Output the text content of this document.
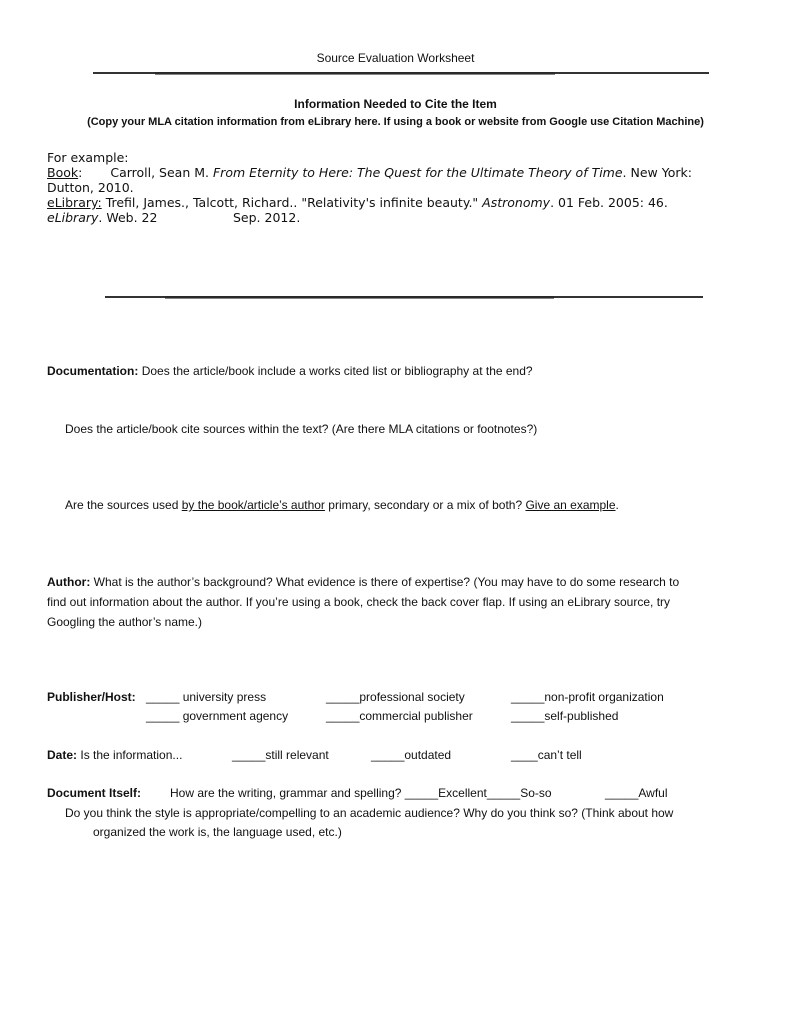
Source Evaluation Worksheet
Information Needed to Cite the Item
(Copy your MLA citation information from eLibrary here. If using a book or website from Google use Citation Machine)
For example:
Book: Carroll, Sean M. From Eternity to Here: The Quest for the Ultimate Theory of Time. New York:
Dutton, 2010.
eLibrary: Trefil, James., Talcott, Richard.. "Relativity's infinite beauty." Astronomy. 01 Feb. 2005: 46.
eLibrary. Web. 22	Sep. 2012.
Documentation: Does the article/book include a works cited list or bibliography at the end?
Does the article/book cite sources within the text? (Are there MLA citations or footnotes?)
Are the sources used by the book/article’s author primary, secondary or a mix of both? Give an example.
Author: What is the author’s background? What evidence is there of expertise? (You may have to do some research to
find out information about the author. If you’re using a book, check the back cover flap. If using an eLibrary source, try
Googling the author’s name.)
Publisher/Host: _____ university press	_____professional society	_____non-profit organization
_____ government agency	_____commercial publisher	_____self-published
Date: Is the information...	_____still relevant	_____outdated	____can’t tell
Document Itself: How are the writing, grammar and spelling? _____Excellent_____So-so	_____Awful
Do you think the style is appropriate/compelling to an academic audience? Why do you think so? (Think about how
organized the work is, the language used, etc.)
